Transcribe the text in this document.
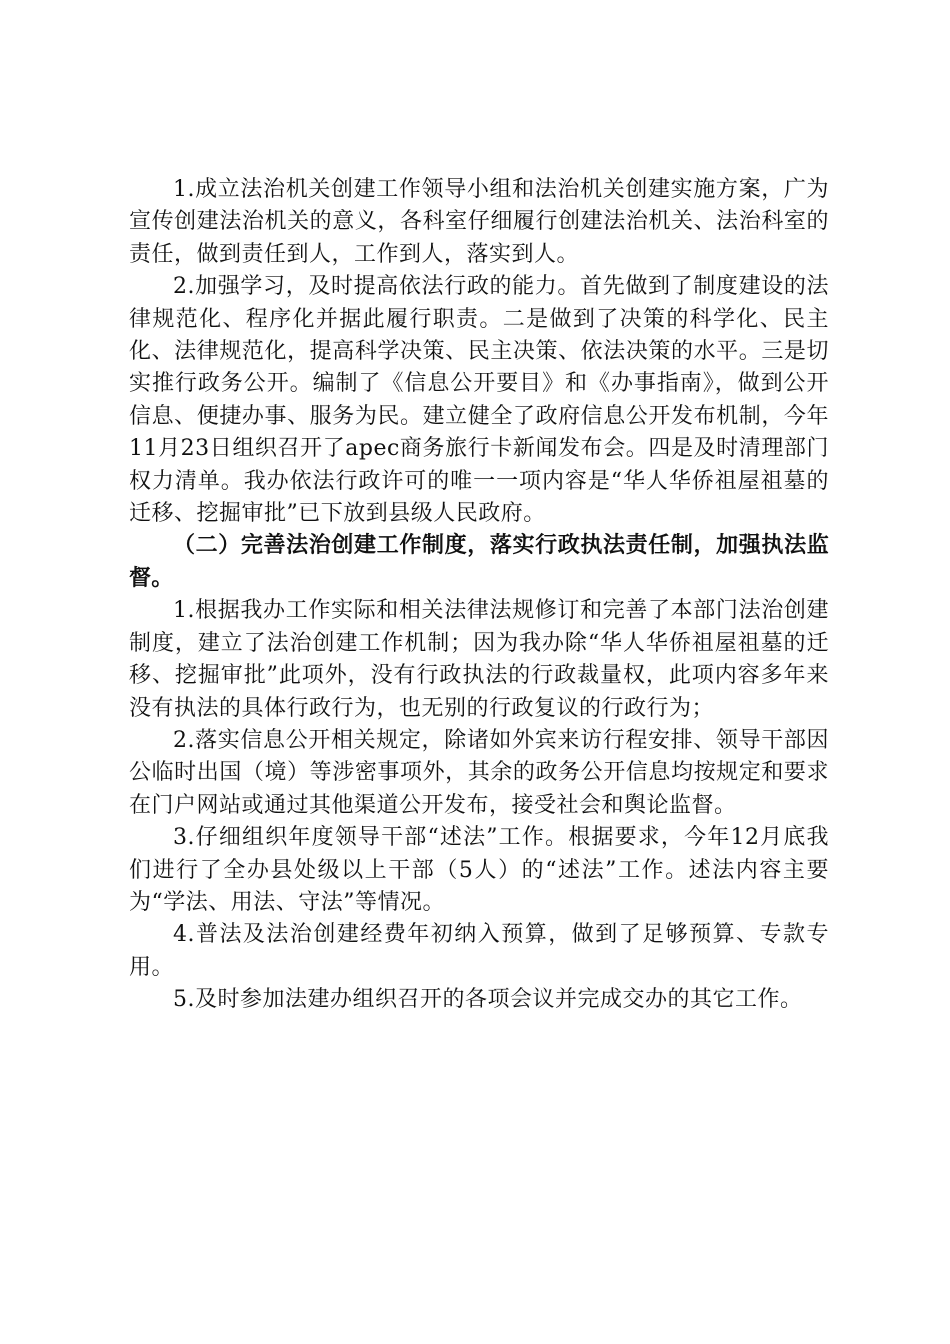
1.成立法治机关创建工作领导小组和法治机关创建实施方案，广为宣传创建法治机关的意义，各科室仔细履行创建法治机关、法治科室的责任，做到责任到人，工作到人，落实到人。

2.加强学习，及时提高依法行政的能力。首先做到了制度建设的法律规范化、程序化并据此履行职责。二是做到了决策的科学化、民主化、法律规范化，提高科学决策、民主决策、依法决策的水平。三是切实推行政务公开。编制了《信息公开要目》和《办事指南》，做到公开信息、便捷办事、服务为民。建立健全了政府信息公开发布机制，今年11月23日组织召开了apec商务旅行卡新闻发布会。四是及时清理部门权力清单。我办依法行政许可的唯一一项内容是“华人华侨祖屋祖墓的迁移、挖掘审批”已下放到县级人民政府。

（二）完善法治创建工作制度，落实行政执法责任制，加强执法监督。

1.根据我办工作实际和相关法律法规修订和完善了本部门法治创建制度，建立了法治创建工作机制；因为我办除“华人华侨祖屋祖墓的迁移、挖掘审批”此项外，没有行政执法的行政裁量权，此项内容多年来没有执法的具体行政行为，也无别的行政复议的行政行为；

2.落实信息公开相关规定，除诸如外宾来访行程安排、领导干部因公临时出国（境）等涉密事项外，其余的政务公开信息均按规定和要求在门户网站或通过其他渠道公开发布，接受社会和舆论监督。

3.仔细组织年度领导干部“述法”工作。根据要求，今年12月底我们进行了全办县处级以上干部（5人）的“述法”工作。述法内容主要为“学法、用法、守法”等情况。

4.普法及法治创建经费年初纳入预算，做到了足够预算、专款专用。

5.及时参加法建办组织召开的各项会议并完成交办的其它工作。
